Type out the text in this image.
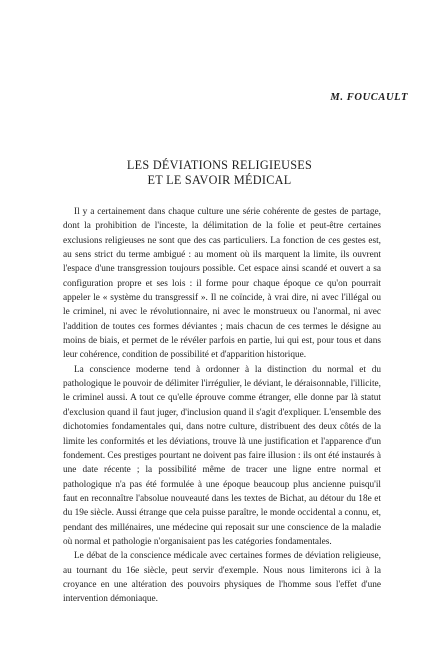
M. FOUCAULT
LES DÉVIATIONS RELIGIEUSES
ET LE SAVOIR MÉDICAL

Il y a certainement dans chaque culture une série cohérente de gestes de partage, dont la prohibition de l'inceste, la délimitation de la folie et peut-être certaines exclusions religieuses ne sont que des cas particuliers. La fonction de ces gestes est, au sens strict du terme ambigué : au moment où ils marquent la limite, ils ouvrent l'espace d'une transgression toujours possible. Cet espace ainsi scandé et ouvert a sa configuration propre et ses lois : il forme pour chaque époque ce qu'on pourrait appeler le « système du transgressif ». Il ne coïncide, à vrai dire, ni avec l'illégal ou le criminel, ni avec le révolutionnaire, ni avec le monstrueux ou l'anormal, ni avec l'addition de toutes ces formes déviantes ; mais chacun de ces termes le désigne au moins de biais, et permet de le révéler parfois en partie, lui qui est, pour tous et dans leur cohérence, condition de possibilité et d'apparition historique.

La conscience moderne tend à ordonner à la distinction du normal et du pathologique le pouvoir de délimiter l'irrégulier, le déviant, le déraisonnable, l'illicite, le criminel aussi. A tout ce qu'elle éprouve comme étranger, elle donne par là statut d'exclusion quand il faut juger, d'inclusion quand il s'agit d'expliquer. L'ensemble des dichotomies fondamentales qui, dans notre culture, distribuent des deux côtés de la limite les conformités et les déviations, trouve là une justification et l'apparence d'un fondement. Ces prestiges pourtant ne doivent pas faire illusion : ils ont été instaurés à une date récente ; la possibilité même de tracer une ligne entre normal et pathologique n'a pas été formulée à une époque beaucoup plus ancienne puisqu'il faut en reconnaître l'absolue nouveauté dans les textes de Bichat, au détour du 18e et du 19e siècle. Aussi étrange que cela puisse paraître, le monde occidental a connu, et, pendant des millénaires, une médecine qui reposait sur une conscience de la maladie où normal et pathologie n'organisaient pas les catégories fondamentales.

Le débat de la conscience médicale avec certaines formes de déviation religieuse, au tournant du 16e siècle, peut servir d'exemple. Nous nous limiterons ici à la croyance en une altération des pouvoirs physiques de l'homme sous l'effet d'une intervention démoniaque.
